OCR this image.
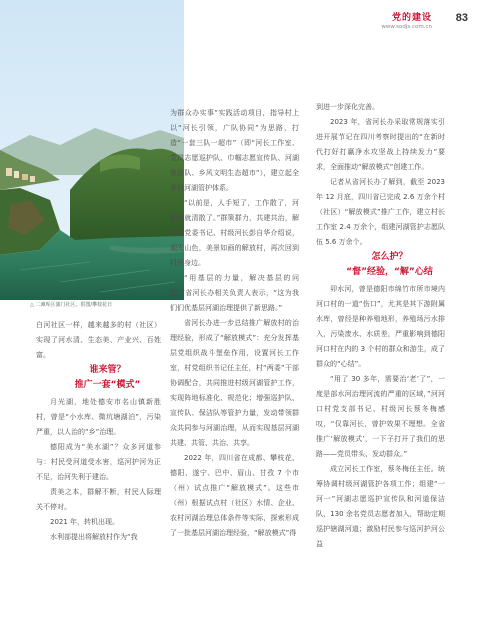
党的建设
www.sodjs.com.cn
83
△ 二滩库区蒲门社区。供图/攀枝花日

白河社区一样，越来越多的村（社区）实现了河水清、生态美、产业兴、百姓富。

谁来管？

推广一套“模式”

月光湖，地处德安市名山镇新胜村，曾是“小水库、微坑塘湖泊”，污染严重，以人治的“乡”治理。

德阳成为“美水湖”？众多河道参与：村民受河道受水害，巡河护河为正不足，治河失利于建治。

责美之本，群解不断，村民人际理关不停对。

2021 年，转机出现。

水利部提出将解放村作为“我

为群众办实事”实践活动项目，指导村上以“河长引领，广队协同”为思路，打造“一套三队一超市”（即“河长工作室、党员志愿巡护队、巾帼志愿宣传队、河湖保洁队、乡风文明生态超市”），建立起全乡村河湖管护体系。

“以前是，人手短了，工作散了，河湖也就清散了。”群策群力，共建共治，解放村党委书记、村级河长彭自华介绍说，湖光山色，美景如画的解放村，再次回到村民身边。

“用基层的力量，解决基层的问题。”省河长办相关负责人表示，“这为我们们优基层河湖治理提供了新思路。”

省河长办进一步总结推广解放村的治理经验，形成了“解放模式”：充分发挥基层党组织战斗堡垒作用，设置河长工作室，村党组织书记任主任，村“两委”干部协调配合，共同推进村级河湖管护工作，实现阵地标准化、规范化；增强巡护队、宣传队、保洁队等管护力量，发动带领群众共同参与河湖治理，从而实现基层河湖共建、共管、共治、共享。

2022 年，四川省在成都、攀枝花、德阳、遂宁、巴中、眉山、甘孜 7 个市（州）试点推广“解放模式”。这些市（州）根据试点村（社区）水情、企业、农村河湖治理总体条件等实际，探索形成了一批基层河湖治理经验，“解放模式”得

到进一步深化完善。

2023 年，省河长办采取常规落实引进开展节记在四川考察时提出的“在新时代打好打赢净水攻坚战上持续发力”要求，全面推动“解放模式”创建工作。

记者从省河长办了解到，截至 2023 年 12 月底，四川省已完成 2.6 万余个村（社区）“解放模式”推广工作，建立村长工作室 2.4 万余个，组建河湖管护志愿队伍 5.6 万余个。

怎么护？

“督”经验，“解”心结

卯水河，曾是德阳市绵竹市所市境内河口村的一道“伤口”，尤其是其下游附属水库，曾经是种养殖地形，养殖场污水排入，污染废水、水质差，严重影响到德阳河口村在内的 3 个村的群众和游生，成了群众的“心结”。

“用了 30 多年，需要治‘老’了”，一度是部水河治理河流的严重的区域，”河河口村党支部书记、村级河长蔡冬梅感叹，“仅靠河长，曾护效果不理想。全省推广‘解放模式’，一下子打开了我们的思路——党员带头、发动群众。”

成立河长工作室，蔡冬梅任主任。统筹协调村级河湖管护各项工作；组建“一河一”河湖志愿巡护宣传队和河道保洁队，130 余名党员志愿者加入，帮助定期巡护辖湖河道；激励村民参与巡河护河公益
